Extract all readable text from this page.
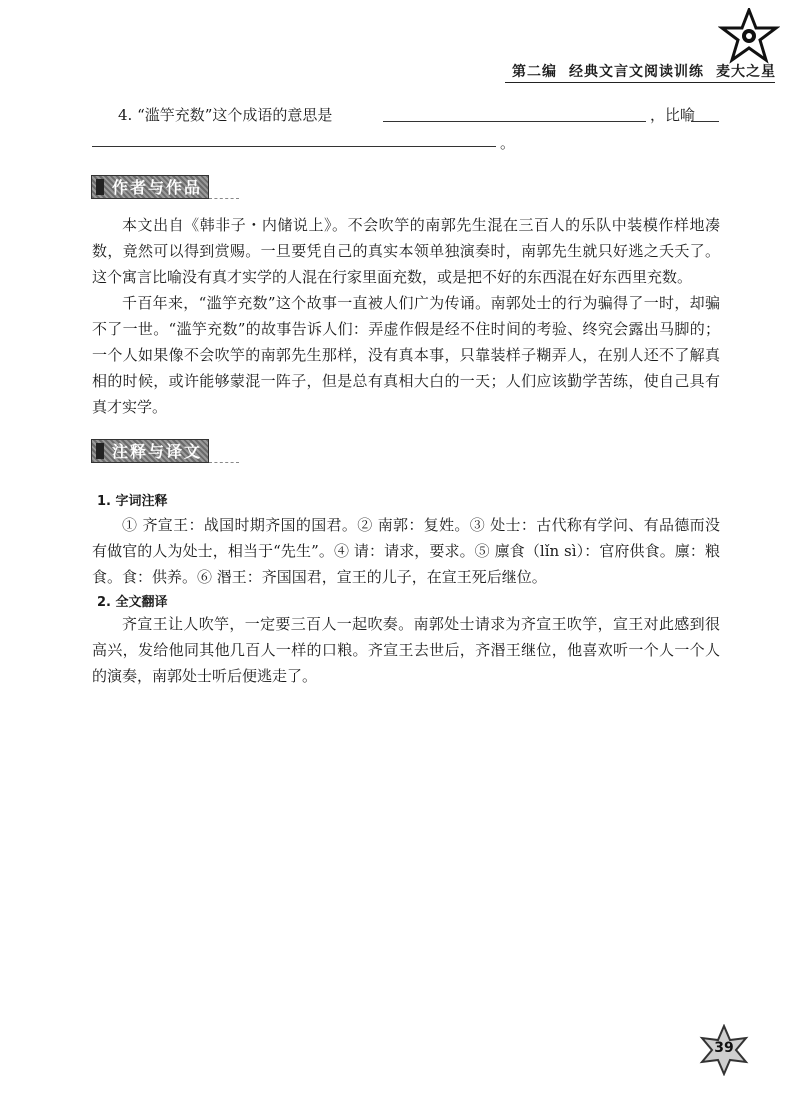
第二编 经典文言文阅读训练 麦大之星
4. “滥竽充数”这个成语的意思是	，比喻
。
作者与作品

本文出自《韩非子・内储说上》。不会吹竽的南郭先生混在三百人的乐队中装模作样地凑数，竟然可以得到赏赐。一旦要凭自己的真实本领单独演奏时，南郭先生就只好逃之夭夭了。这个寓言比喻没有真才实学的人混在行家里面充数，或是把不好的东西混在好东西里充数。

千百年来，“滥竽充数”这个故事一直被人们广为传诵。南郭处士的行为骗得了一时，却骗不了一世。“滥竽充数”的故事告诉人们：弄虚作假是经不住时间的考验、终究会露出马脚的；一个人如果像不会吹竽的南郭先生那样，没有真本事，只靠装样子糊弄人，在别人还不了解真相的时候，或许能够蒙混一阵子，但是总有真相大白的一天；人们应该勤学苦练，使自己具有真才实学。

注释与译文
1. 字词注释

① 齐宣王：战国时期齐国的国君。② 南郭：复姓。③ 处士：古代称有学问、有品德而没有做官的人为处士，相当于“先生”。④ 请：请求，要求。⑤ 廪食（lǐn sì）：官府供食。廪：粮食。食：供养。⑥ 湣王：齐国国君，宣王的儿子，在宣王死后继位。

2. 全文翻译

齐宣王让人吹竽，一定要三百人一起吹奏。南郭处士请求为齐宣王吹竽，宣王对此感到很高兴，发给他同其他几百人一样的口粮。齐宣王去世后，齐湣王继位，他喜欢听一个人一个人的演奏，南郭处士听后便逃走了。

39
